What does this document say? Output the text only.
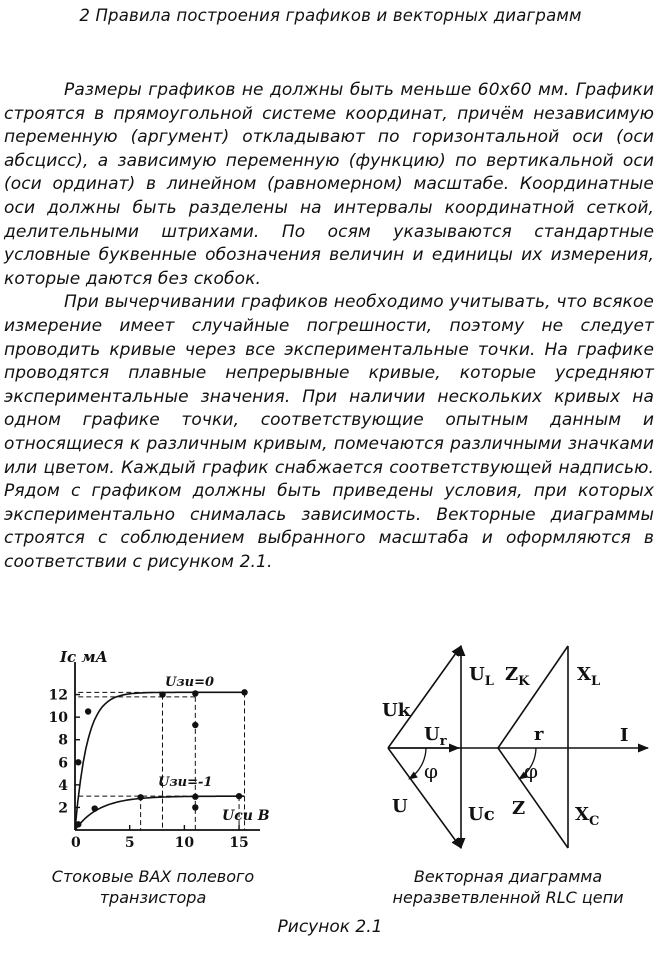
2 Правила построения графиков и векторных диаграмм

Размеры графиков не должны быть меньше 60х60 мм. Графики строятся в прямоугольной системе координат, причём независимую переменную (аргумент) откладывают по горизонтальной оси (оси абсцисс), а зависимую переменную (функцию) по вертикальной оси (оси ординат) в линейном (равномерном) масштабе. Координатные оси должны быть разделены на интервалы координатной сеткой, делительными штрихами. По осям указываются стандартные условные буквенные обозначения величин и единицы их измерения, которые даются без скобок.

При вычерчивании графиков необходимо учитывать, что всякое измерение имеет случайные погрешности, поэтому не следует проводить кривые через все экспериментальные точки. На графике проводятся плавные непрерывные кривые, которые усредняют экспериментальные значения. При наличии нескольких кривых на одном графике точки, соответствующие опытным данным и относящиеся к различным кривым, помечаются различными значками или цветом. Каждый график снабжается соответствующей надписью. Рядом с графиком должны быть приведены условия, при которых экспериментально снималась зависимость. Векторные диаграммы строятся с соблюдением выбранного масштаба и оформляются в соответствии с рисунком 2.1.

0	5	10	15
2
4
6
8
10
12
Ic мА
Uси В
Uзи=0
Uзи=-1
$U_L$ $Z_K$	$X_L$
Uk
$U_r$	r	I
φ	φ
U	Uc Z	$X_C$
Стоковые ВАХ полевого
транзистора
Векторная диаграмма
неразветвленной RLC цепи
Рисунок 2.1
